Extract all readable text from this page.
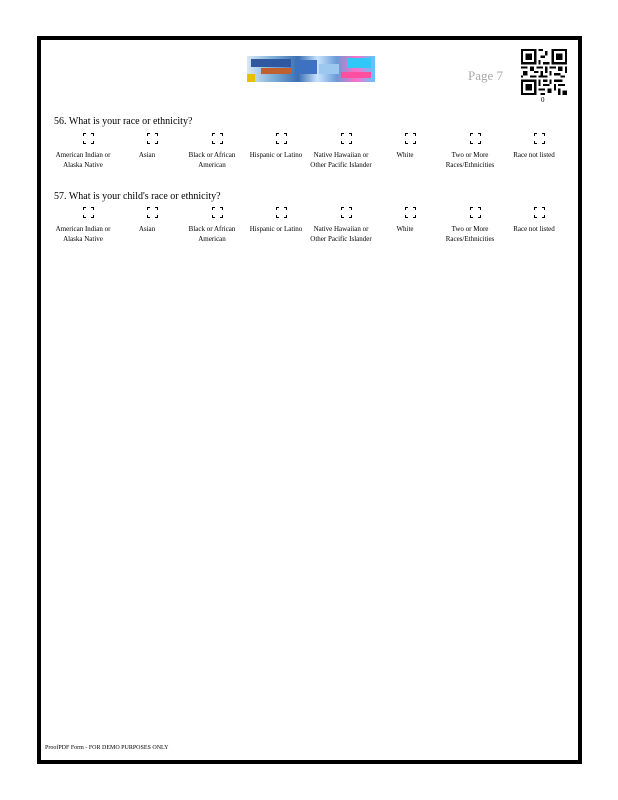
Page 7
0
56. What is your race or ethnicity?
American Indian or Alaska Native
Asian	Black or African American
Hispanic or Latino	Native Hawaiian or Other Pacific Islander
White	Two or More Races/Ethnicities
Race not listed
57. What is your child's race or ethnicity?
American Indian or Alaska Native
Asian	Black or African American
Hispanic or Latino	Native Hawaiian or Other Pacific Islander
White	Two or More Races/Ethnicities
Race not listed
ProofPDF Form - FOR DEMO PURPOSES ONLY
